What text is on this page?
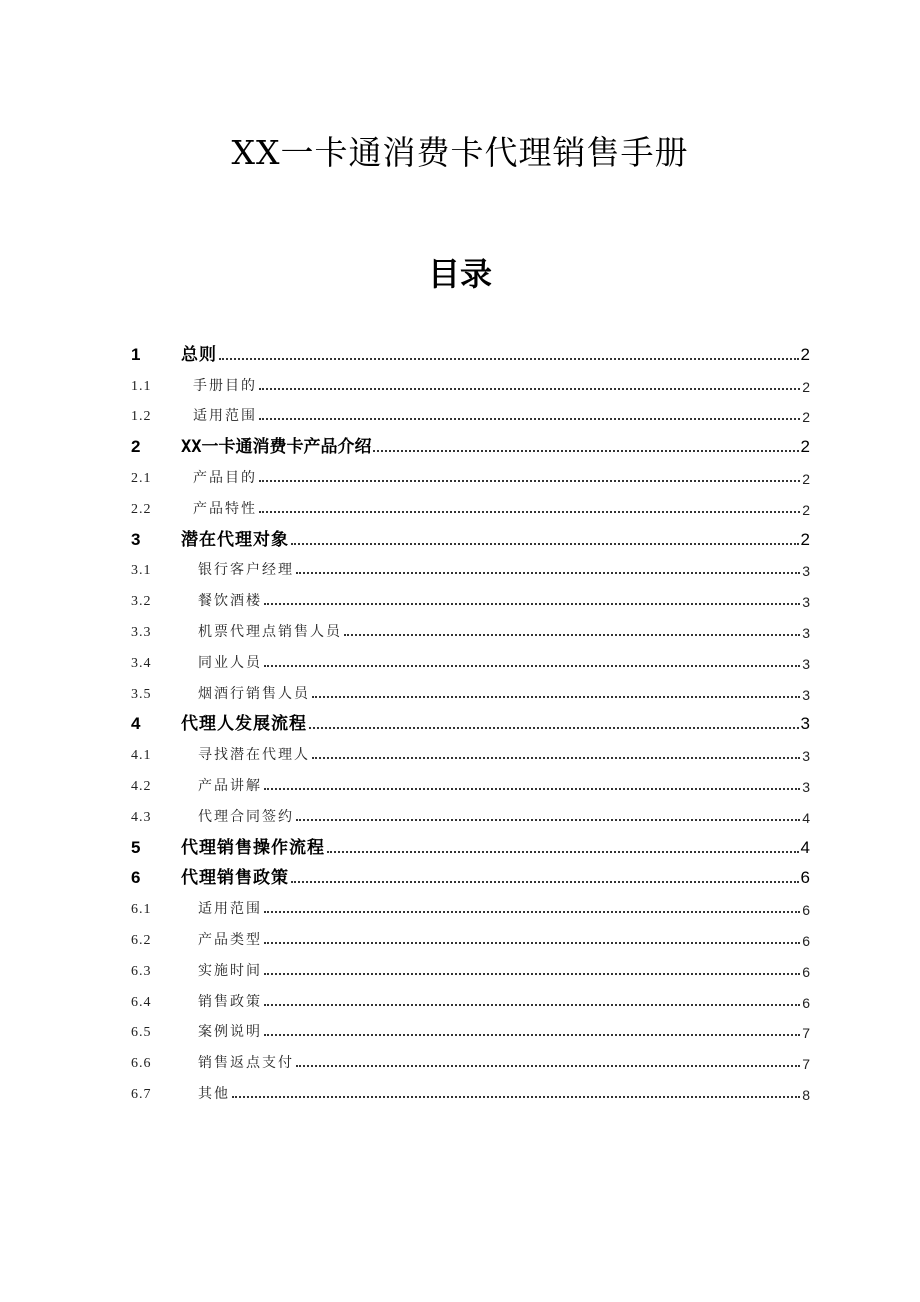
XX一卡通消费卡代理销售手册
目录
1	总则	2
1.1	手册目的	2
1.2	适用范围	2
2	XX一卡通消费卡产品介绍	2
2.1	产品目的	2
2.2	产品特性	2
3	潜在代理对象	2
3.1	银行客户经理	3
3.2	餐饮酒楼	3
3.3	机票代理点销售人员	3
3.4	同业人员	3
3.5	烟酒行销售人员	3
4	代理人发展流程	3
4.1	寻找潜在代理人	3
4.2	产品讲解	3
4.3	代理合同签约	4
5	代理销售操作流程	4
6	代理销售政策	6
6.1	适用范围	6
6.2	产品类型	6
6.3	实施时间	6
6.4	销售政策	6
6.5	案例说明	7
6.6	销售返点支付	7
6.7	其他	8
